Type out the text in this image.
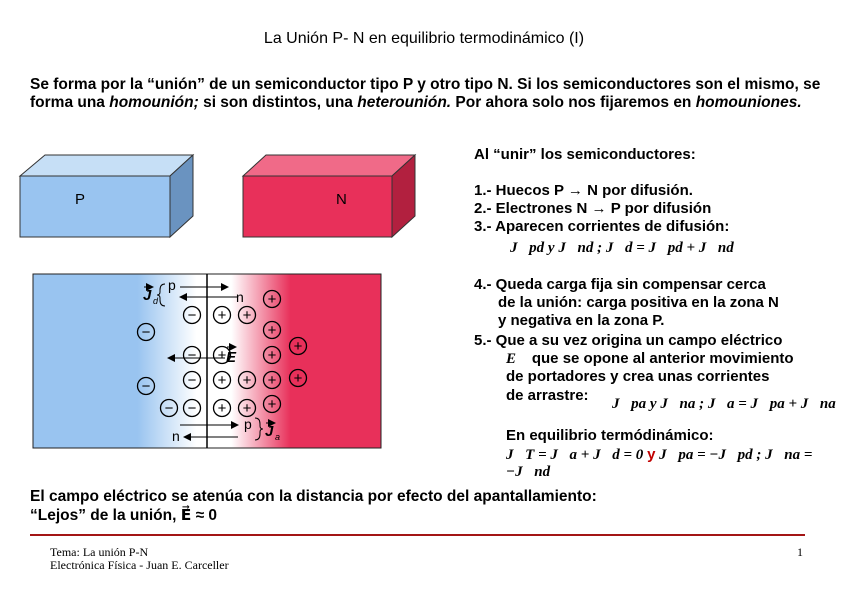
La Unión P- N en equilibrio termodinámico (I)
Se forma por la “unión” de un semiconductor tipo P y otro tipo N. Si los semiconductores son el mismo, se forma una homounión; si son distintos, una heterounión. Por ahora solo nos fijaremos en homouniones.
P	N
J d
p
n
E
p
n	J a
−
−
−
−
−
− −
+ +
+
+
+	+
+
+ + + +
+ + +
Al “unir” los semiconductores:
1.- Huecos P → N por difusión.
2.- Electrones N → P por difusión
3.- Aparecen corrientes de difusión:
J⃗pd y J⃗nd ; J⃗d = J⃗pd + J⃗nd
4.- Queda carga fija sin compensar cerca
de la unión: carga positiva en la zona N
y negativa en la zona P.
5.- Que a su vez origina un campo eléctrico
E⃗ que se opone al anterior movimiento
de portadores y crea unas corrientes
de arrastre: J⃗pa y J⃗na ; J⃗a = J⃗pa + J⃗na
En equilibrio termódinámico:
J⃗T = J⃗a + J⃗d = 0 y J⃗pa = −J⃗pd ; J⃗na = −J⃗nd
El campo eléctrico se atenúa con la distancia por efecto del apantallamiento:
“Lejos” de la unión, E⃗ ≈ 0
Tema: La unión P-N
Electrónica Física - Juan E. Carceller
1
